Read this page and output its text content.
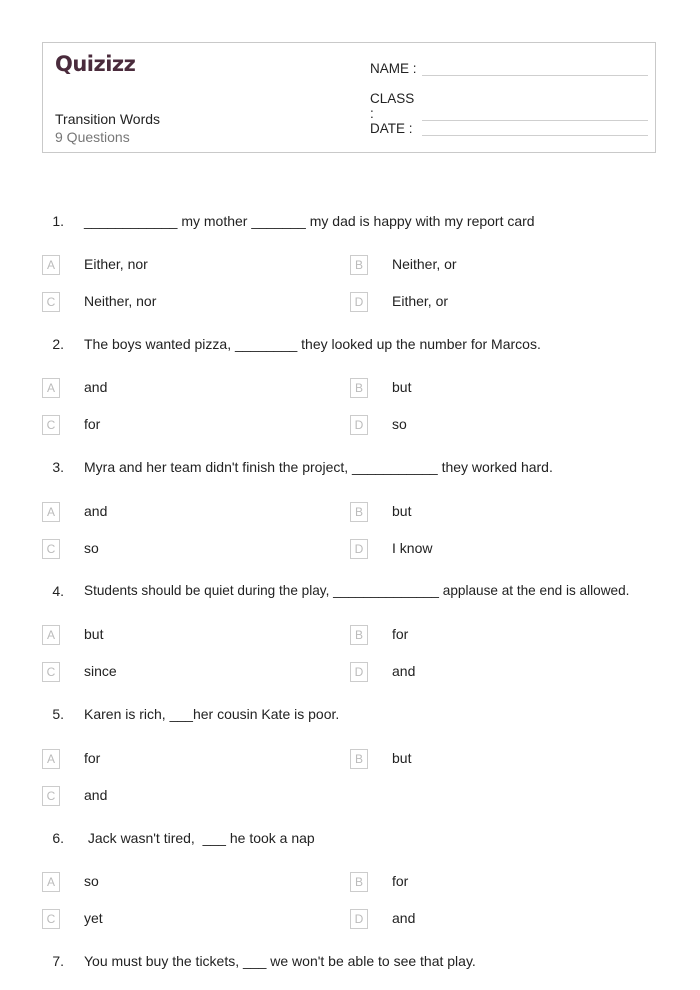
Quizizz
Transition Words
9 Questions
NAME :
CLASS :
DATE :
1. ____________ my mother _______ my dad is happy with my report card
A	Either, nor	B	Neither, or
C	Neither, nor	D	Either, or
2. The boys wanted pizza, ________ they looked up the number for Marcos.
A	and	B	but
C	for	D	so
3. Myra and her team didn't finish the project, ___________ they worked hard.
A	and	B	but
C	so	D	I know
4. Students should be quiet during the play, ______________ applause at the end is allowed.
A	but	B	for
C	since	D	and
5. Karen is rich, ___her cousin Kate is poor.
A	for	B	but
C	and
6. Jack wasn't tired,  ___ he took a nap
A	so	B	for
C	yet	D	and
7. You must buy the tickets, ___ we won't be able to see that play.
